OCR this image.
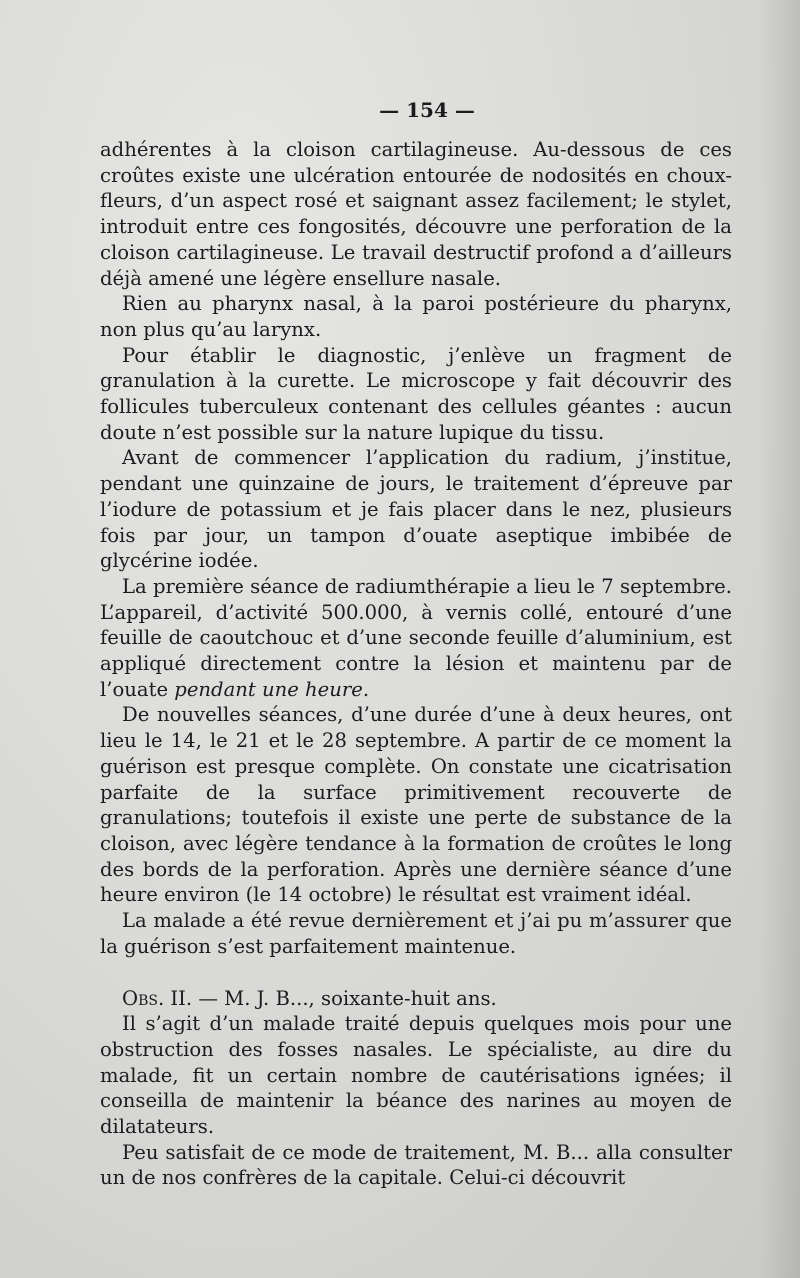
— 154 —

adhérentes à la cloison cartilagineuse. Au-dessous de ces croûtes existe une ulcération entourée de nodosités en choux-fleurs, d’un aspect rosé et saignant assez facilement; le stylet, introduit entre ces fongosités, découvre une perforation de la cloison cartilagineuse. Le travail destructif profond a d’ailleurs déjà amené une légère ensellure nasale.

Rien au pharynx nasal, à la paroi postérieure du pharynx, non plus qu’au larynx.

Pour établir le diagnostic, j’enlève un fragment de granulation à la curette. Le microscope y fait découvrir des follicules tuberculeux contenant des cellules géantes : aucun doute n’est possible sur la nature lupique du tissu.

Avant de commencer l’application du radium, j’institue, pendant une quinzaine de jours, le traitement d’épreuve par l’iodure de potassium et je fais placer dans le nez, plusieurs fois par jour, un tampon d’ouate aseptique imbibée de glycérine iodée.

La première séance de radiumthérapie a lieu le 7 septembre. L’appareil, d’activité 500.000, à vernis collé, entouré d’une feuille de caoutchouc et d’une seconde feuille d’aluminium, est appliqué directement contre la lésion et maintenu par de l’ouate pendant une heure.

De nouvelles séances, d’une durée d’une à deux heures, ont lieu le 14, le 21 et le 28 septembre. A partir de ce moment la guérison est presque complète. On constate une cicatrisation parfaite de la surface primitivement recouverte de granulations; toutefois il existe une perte de substance de la cloison, avec légère tendance à la formation de croûtes le long des bords de la perforation. Après une dernière séance d’une heure environ (le 14 octobre) le résultat est vraiment idéal.

La malade a été revue dernièrement et j’ai pu m’assurer que la guérison s’est parfaitement maintenue.

Obs. II. — M. J. B..., soixante-huit ans.

Il s’agit d’un malade traité depuis quelques mois pour une obstruction des fosses nasales. Le spécialiste, au dire du malade, fit un certain nombre de cautérisations ignées; il conseilla de maintenir la béance des narines au moyen de dilatateurs.

Peu satisfait de ce mode de traitement, M. B... alla consulter un de nos confrères de la capitale. Celui-ci découvrit
